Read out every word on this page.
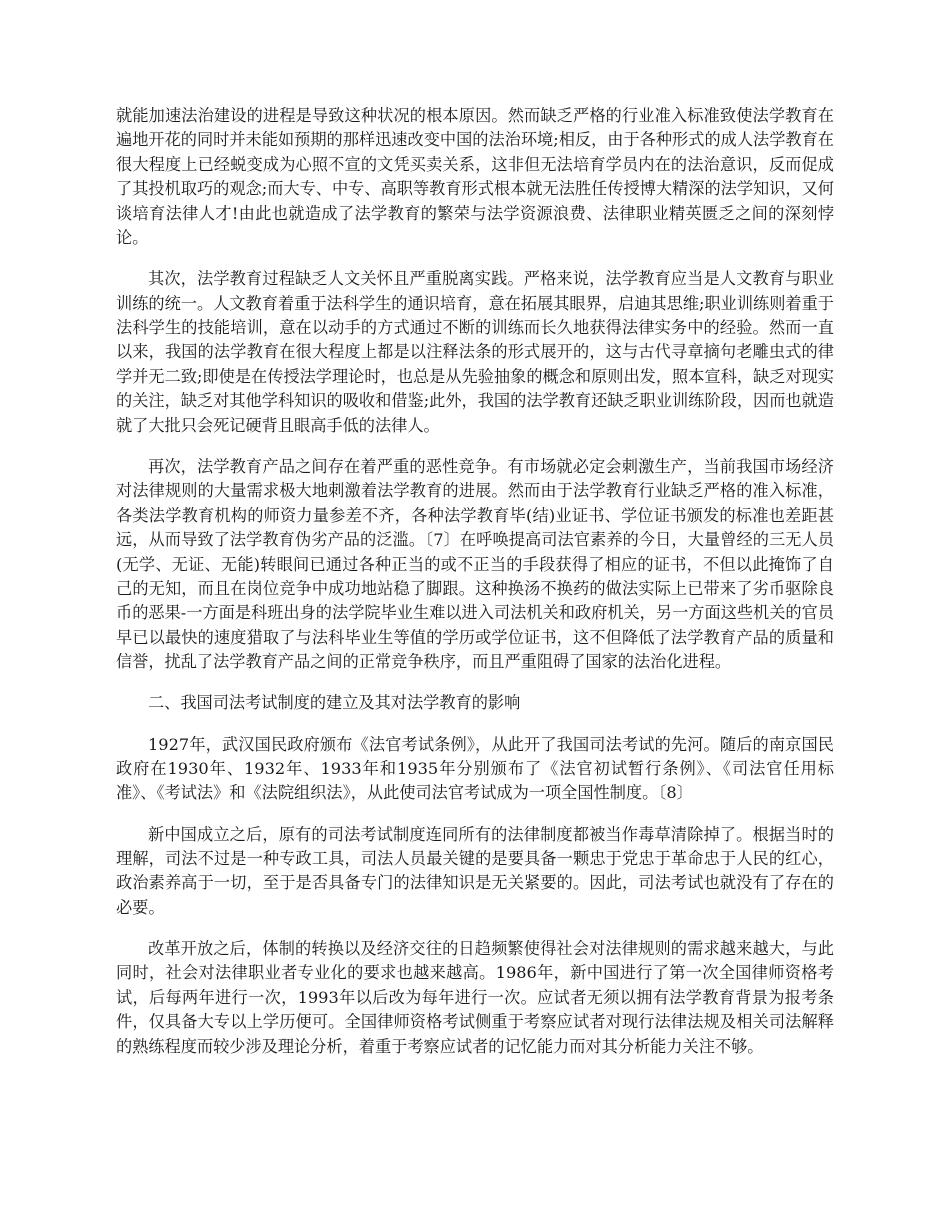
就能加速法治建设的进程是导致这种状况的根本原因。然而缺乏严格的行业准入标准致使法学教育在遍地开花的同时并未能如预期的那样迅速改变中国的法治环境;相反，由于各种形式的成人法学教育在很大程度上已经蜕变成为心照不宣的文凭买卖关系，这非但无法培育学员内在的法治意识，反而促成了其投机取巧的观念;而大专、中专、高职等教育形式根本就无法胜任传授博大精深的法学知识，又何谈培育法律人才!由此也就造成了法学教育的繁荣与法学资源浪费、法律职业精英匮乏之间的深刻悖论。

其次，法学教育过程缺乏人文关怀且严重脱离实践。严格来说，法学教育应当是人文教育与职业训练的统一。人文教育着重于法科学生的通识培育，意在拓展其眼界，启迪其思维;职业训练则着重于法科学生的技能培训，意在以动手的方式通过不断的训练而长久地获得法律实务中的经验。然而一直以来，我国的法学教育在很大程度上都是以注释法条的形式展开的，这与古代寻章摘句老雕虫式的律学并无二致;即使是在传授法学理论时，也总是从先验抽象的概念和原则出发，照本宣科，缺乏对现实的关注，缺乏对其他学科知识的吸收和借鉴;此外，我国的法学教育还缺乏职业训练阶段，因而也就造就了大批只会死记硬背且眼高手低的法律人。

再次，法学教育产品之间存在着严重的恶性竞争。有市场就必定会刺激生产，当前我国市场经济对法律规则的大量需求极大地刺激着法学教育的进展。然而由于法学教育行业缺乏严格的准入标准，各类法学教育机构的师资力量参差不齐，各种法学教育毕(结)业证书、学位证书颁发的标准也差距甚远，从而导致了法学教育伪劣产品的泛滥。〔7〕在呼唤提高司法官素养的今日，大量曾经的三无人员(无学、无证、无能)转眼间已通过各种正当的或不正当的手段获得了相应的证书，不但以此掩饰了自己的无知，而且在岗位竞争中成功地站稳了脚跟。这种换汤不换药的做法实际上已带来了劣币驱除良币的恶果-一方面是科班出身的法学院毕业生难以进入司法机关和政府机关，另一方面这些机关的官员早已以最快的速度猎取了与法科毕业生等值的学历或学位证书，这不但降低了法学教育产品的质量和信誉，扰乱了法学教育产品之间的正常竞争秩序，而且严重阻碍了国家的法治化进程。

二、我国司法考试制度的建立及其对法学教育的影响

1927年，武汉国民政府颁布《法官考试条例》，从此开了我国司法考试的先河。随后的南京国民政府在1930年、1932年、1933年和1935年分别颁布了《法官初试暂行条例》、《司法官任用标准》、《考试法》和《法院组织法》，从此使司法官考试成为一项全国性制度。〔8〕

新中国成立之后，原有的司法考试制度连同所有的法律制度都被当作毒草清除掉了。根据当时的理解，司法不过是一种专政工具，司法人员最关键的是要具备一颗忠于党忠于革命忠于人民的红心，政治素养高于一切，至于是否具备专门的法律知识是无关紧要的。因此，司法考试也就没有了存在的必要。

改革开放之后，体制的转换以及经济交往的日趋频繁使得社会对法律规则的需求越来越大，与此同时，社会对法律职业者专业化的要求也越来越高。1986年，新中国进行了第一次全国律师资格考试，后每两年进行一次，1993年以后改为每年进行一次。应试者无须以拥有法学教育背景为报考条件，仅具备大专以上学历便可。全国律师资格考试侧重于考察应试者对现行法律法规及相关司法解释的熟练程度而较少涉及理论分析，着重于考察应试者的记忆能力而对其分析能力关注不够。
